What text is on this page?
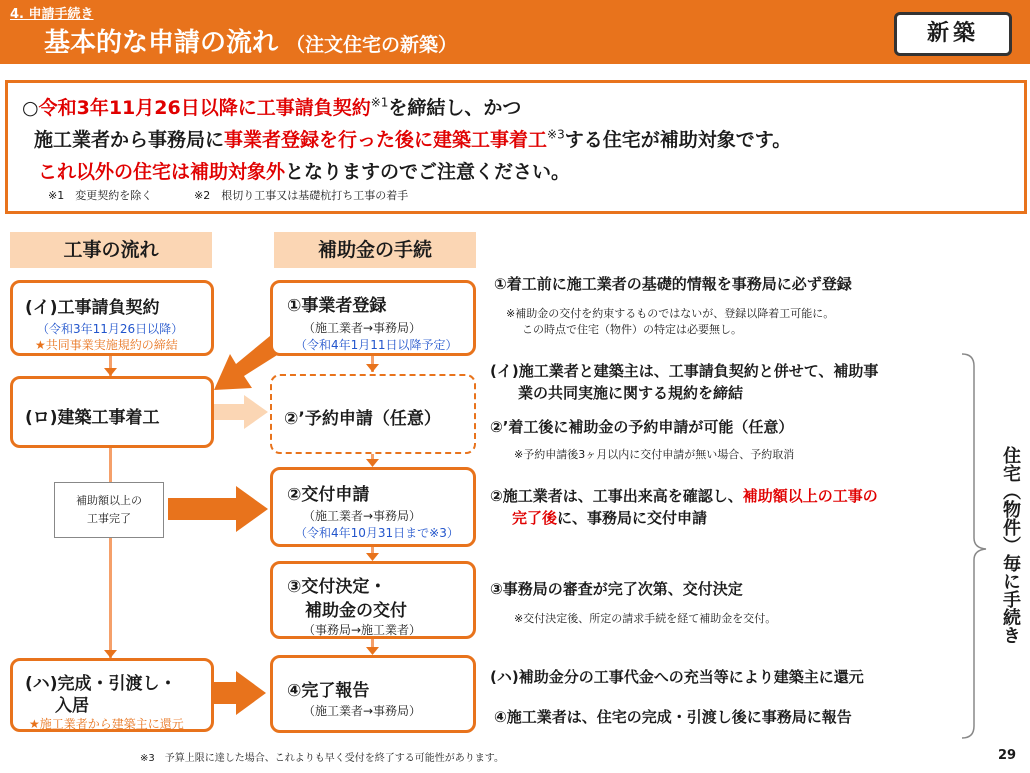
4. 申請手続き
基本的な申請の流れ （注文住宅の新築）	新築
○令和3年11月26日以降に工事請負契約$^{※1}$を締結し、かつ
施工業者から事務局に事業者登録を行った後に建築工事着工$^{※3}$する住宅が補助対象です。
これ以外の住宅は補助対象外となりますのでご注意ください。
※1　変更契約を除く	※2　根切り工事又は基礎杭打ち工事の着手
工事の流れ	補助金の手続
(イ)工事請負契約
（令和3年11月26日以降）
★共同事業実施規約の締結
(ロ)建築工事着工
補助額以上の
工事完了
(ハ)完成・引渡し・
入居
★施工業者から建築主に還元
①事業者登録
（施工業者→事務局）
（令和4年1月11日以降予定）
②’予約申請（任意）
②交付申請
（施工業者→事務局）
（令和4年10月31日まで※3）
③交付決定・
補助金の交付
（事務局→施工業者）
④完了報告
（施工業者→事務局）
①着工前に施工業者の基礎的情報を事務局に必ず登録
※補助金の交付を約束するものではないが、登録以降着工可能に。
この時点で住宅（物件）の特定は必要無し。
(イ)施工業者と建築主は、工事請負契約と併せて、補助事
業の共同実施に関する規約を締結
②’着工後に補助金の予約申請が可能（任意）
※予約申請後3ヶ月以内に交付申請が無い場合、予約取消
②施工業者は、工事出来高を確認し、補助額以上の工事の
完了後に、事務局に交付申請
③事務局の審査が完了次第、交付決定
※交付決定後、所定の請求手続を経て補助金を交付。
(ハ)補助金分の工事代金への充当等により建築主に還元
④施工業者は、住宅の完成・引渡し後に事務局に報告
住宅（物件）毎に手続き
※3　予算上限に達した場合、これよりも早く受付を終了する可能性があります。	29
